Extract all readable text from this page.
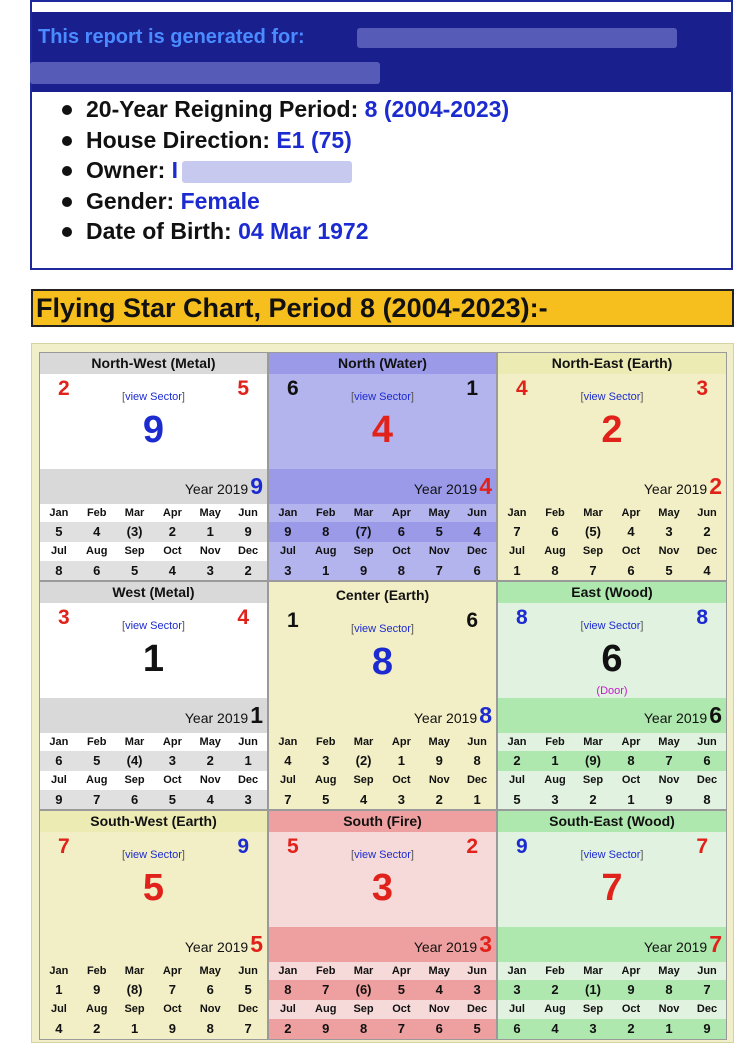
This report is generated for:
20-Year Reigning Period: 8 (2004-2023)
House Direction: E1 (75)
Owner: I
Gender: Female
Date of Birth: 04 Mar 1972
Flying Star Chart, Period 8 (2004-2023):-
North-West (Metal)
2	5
[view Sector]
9
Year 20199
Jan	Feb	Mar	Apr	May	Jun
5	4	(3)	2	1	9
Jul	Aug	Sep	Oct	Nov	Dec
8	6	5	4	3	2
North (Water)
6	1
[view Sector]
4
Year 20194
Jan	Feb	Mar	Apr	May	Jun
9	8	(7)	6	5	4
Jul	Aug	Sep	Oct	Nov	Dec
3	1	9	8	7	6
North-East (Earth)
4	3
[view Sector]
2
Year 20192
Jan	Feb	Mar	Apr	May	Jun
7	6	(5)	4	3	2
Jul	Aug	Sep	Oct	Nov	Dec
1	8	7	6	5	4
West (Metal)
3	4
[view Sector]
1
Year 20191
Jan	Feb	Mar	Apr	May	Jun
6	5	(4)	3	2	1
Jul	Aug	Sep	Oct	Nov	Dec
9	7	6	5	4	3
Center (Earth)
1	6
[view Sector]
8
Year 20198
Jan	Feb	Mar	Apr	May	Jun
4	3	(2)	1	9	8
Jul	Aug	Sep	Oct	Nov	Dec
7	5	4	3	2	1
East (Wood)
8	8
[view Sector]
6
Year 20196
Jan	Feb	Mar	Apr	May	Jun
2	1	(9)	8	7	6
Jul	Aug	Sep	Oct	Nov	Dec
5	3	2	1	9	8
(Door)
South-West (Earth)
7	9
[view Sector]
5
Year 20195
Jan	Feb	Mar	Apr	May	Jun
1	9	(8)	7	6	5
Jul	Aug	Sep	Oct	Nov	Dec
4	2	1	9	8	7
South (Fire)
5	2
[view Sector]
3
Year 20193
Jan	Feb	Mar	Apr	May	Jun
8	7	(6)	5	4	3
Jul	Aug	Sep	Oct	Nov	Dec
2	9	8	7	6	5
South-East (Wood)
9	7
[view Sector]
7
Year 20197
Jan	Feb	Mar	Apr	May	Jun
3	2	(1)	9	8	7
Jul	Aug	Sep	Oct	Nov	Dec
6	4	3	2	1	9
